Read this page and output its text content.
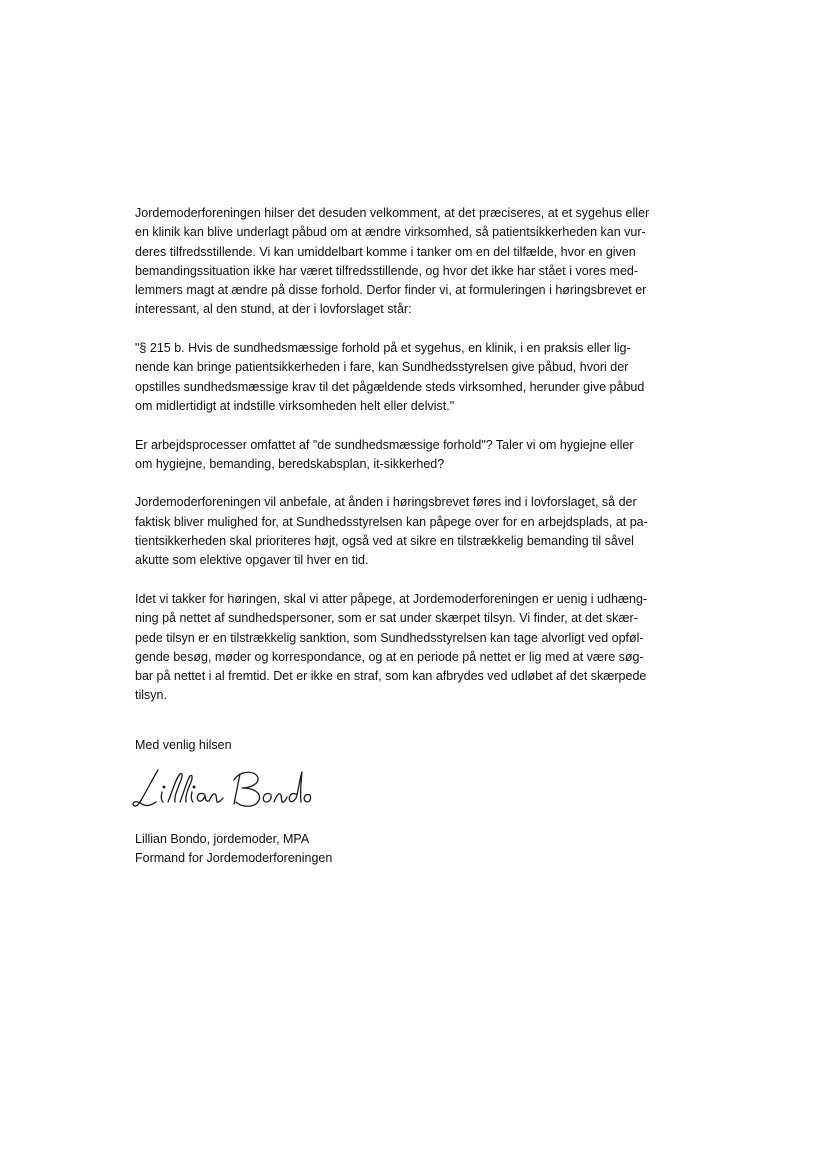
Jordemoderforeningen hilser det desuden velkomment, at det præciseres, at et sygehus eller
en klinik kan blive underlagt påbud om at ændre virksomhed, så patientsikkerheden kan vur-
deres tilfredsstillende. Vi kan umiddelbart komme i tanker om en del tilfælde, hvor en given
bemandingssituation ikke har været tilfredsstillende, og hvor det ikke har stået i vores med-
lemmers magt at ændre på disse forhold. Derfor finder vi, at formuleringen i høringsbrevet er
interessant, al den stund, at der i lovforslaget står:

"§ 215 b. Hvis de sundhedsmæssige forhold på et sygehus, en klinik, i en praksis eller lig-
nende kan bringe patientsikkerheden i fare, kan Sundhedsstyrelsen give påbud, hvori der
opstilles sundhedsmæssige krav til det pågældende steds virksomhed, herunder give påbud
om midlertidigt at indstille virksomheden helt eller delvist."

Er arbejdsprocesser omfattet af "de sundhedsmæssige forhold"? Taler vi om hygiejne eller
om hygiejne, bemanding, beredskabsplan, it-sikkerhed?

Jordemoderforeningen vil anbefale, at ånden i høringsbrevet føres ind i lovforslaget, så der
faktisk bliver mulighed for, at Sundhedsstyrelsen kan påpege over for en arbejdsplads, at pa-
tientsikkerheden skal prioriteres højt, også ved at sikre en tilstrækkelig bemanding til såvel
akutte som elektive opgaver til hver en tid.

Idet vi takker for høringen, skal vi atter påpege, at Jordemoderforeningen er uenig i udhæng-
ning på nettet af sundhedspersoner, som er sat under skærpet tilsyn. Vi finder, at det skær-
pede tilsyn er en tilstrækkelig sanktion, som Sundhedsstyrelsen kan tage alvorligt ved opføl-
gende besøg, møder og korrespondance, og at en periode på nettet er lig med at være søg-
bar på nettet i al fremtid. Det er ikke en straf, som kan afbrydes ved udløbet af det skærpede
tilsyn.

Med venlig hilsen
Lillian Bondo, jordemoder, MPA
Formand for Jordemoderforeningen
